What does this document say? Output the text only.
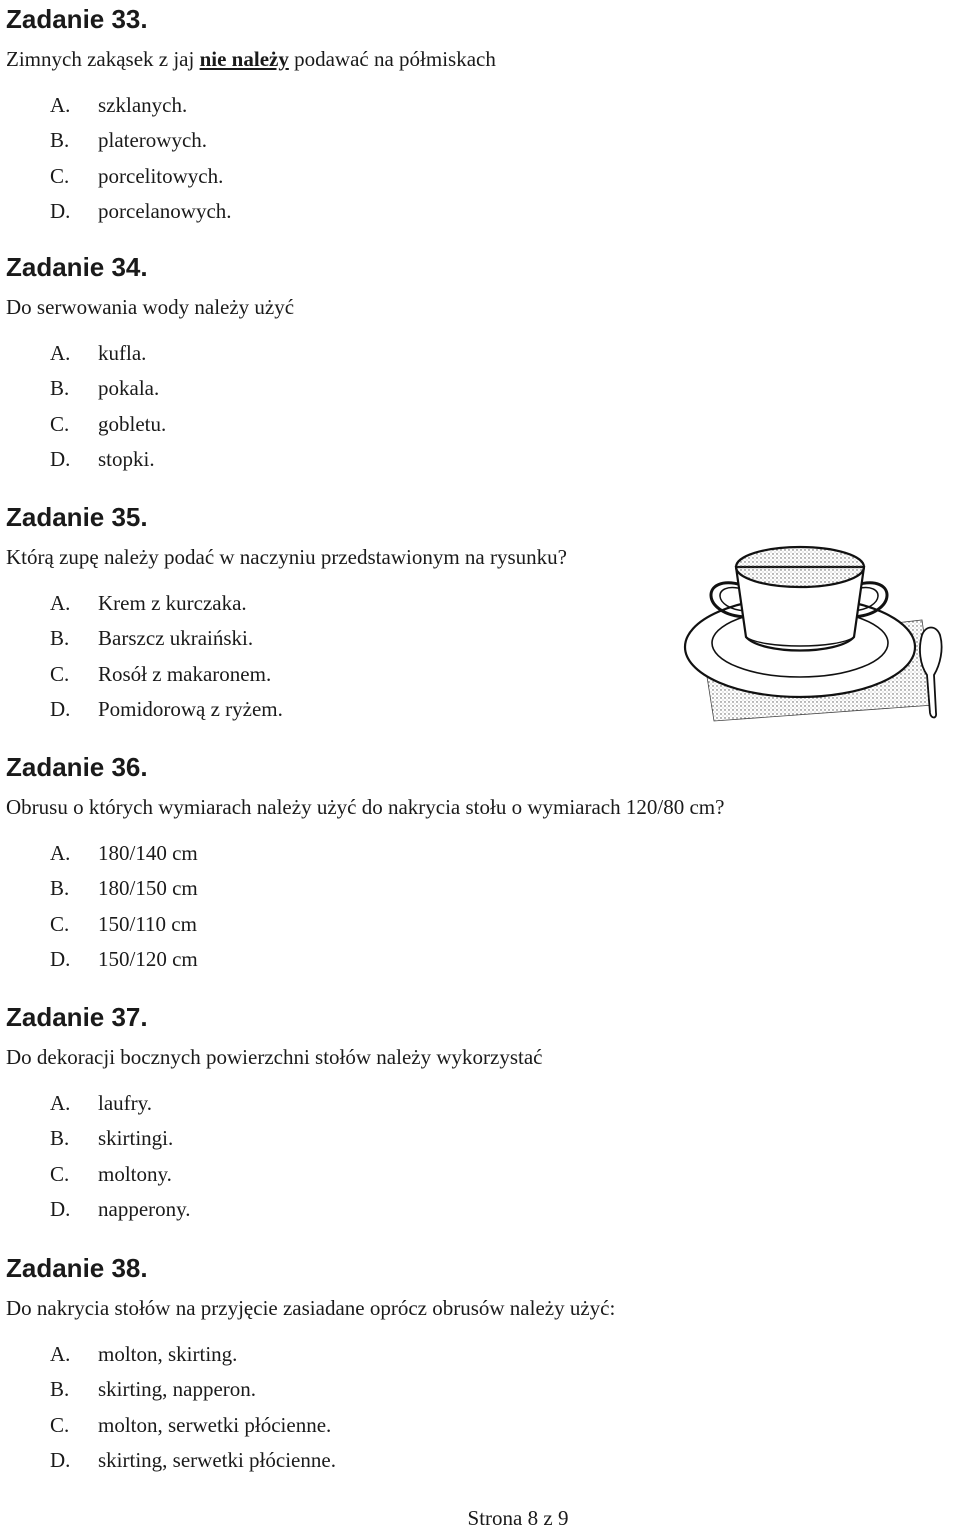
Zadanie 33.
Zimnych zakąsek z jaj nie należy podawać na półmiskach
A.	szklanych.
B.	platerowych.
C.	porcelitowych.
D.	porcelanowych.
Zadanie 34.
Do serwowania wody należy użyć
A.	kufla.
B.	pokala.
C.	gobletu.
D.	stopki.
Zadanie 35.
Którą zupę należy podać w naczyniu przedstawionym na rysunku?
A.	Krem z kurczaka.
B.	Barszcz ukraiński.
C.	Rosół z makaronem.
D.	Pomidorową z ryżem.
Zadanie 36.
Obrusu o których wymiarach należy użyć do nakrycia stołu o wymiarach 120/80 cm?
A.	180/140 cm
B.	180/150 cm
C.	150/110 cm
D.	150/120 cm
Zadanie 37.
Do dekoracji bocznych powierzchni stołów należy wykorzystać
A.	laufry.
B.	skirtingi.
C.	moltony.
D.	napperony.
Zadanie 38.
Do nakrycia stołów na przyjęcie zasiadane oprócz obrusów należy użyć:
A.	molton, skirting.
B.	skirting, napperon.
C.	molton, serwetki płócienne.
D.	skirting, serwetki płócienne.
Strona 8 z 9
